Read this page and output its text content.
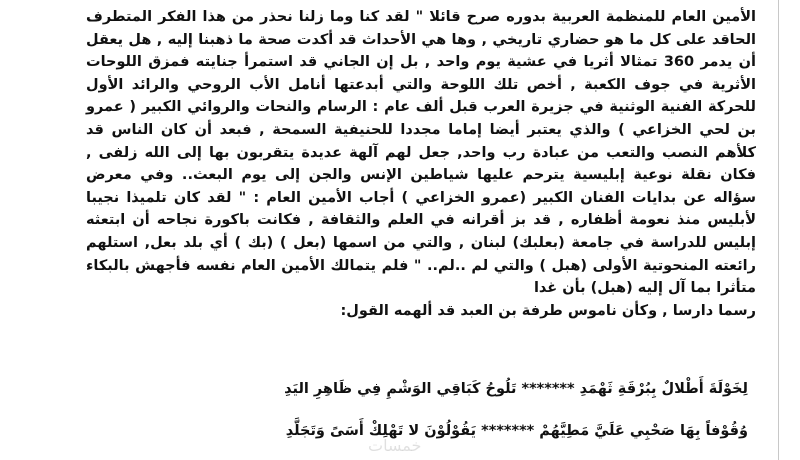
الأمين العام للمنظمة العربية بدوره صرح قائلا " لقد كنا وما زلنا نحذر من هذا الفكر المتطرف الحاقد على كل ما هو حضاري تاريخي , وها هي الأحداث قد أكدت صحة ما ذهبنا إليه , هل يعقل أن يدمر 360 تمثالا أثريا في عشية يوم واحد , بل إن الجاني قد استمرأ جنايته فمزق اللوحات الأثرية في جوف الكعبة , أخص تلك اللوحة والتي أبدعتها أنامل الأب الروحي والرائد الأول للحركة الفنية الوثنية في جزيرة العرب قبل ألف عام : الرسام والنحات والروائي الكبير ( عمرو بن لحي الخزاعي ) والذي يعتبر أيضا إماما مجددا للحنيفية السمحة , فبعد أن كان الناس قد كلأهم النصب والتعب من عبادة رب واحد, جعل لهم آلهة عديدة يتقربون بها إلى الله زلفى , فكان نقلة نوعية إبليسية يترحم عليها شياطين الإنس والجن إلى يوم البعث.. وفي معرض سؤاله عن بدايات الفنان الكبير (عمرو الخزاعي ) أجاب الأمين العام : " لقد كان تلميذا نجيبا لأبليس منذ نعومة أظفاره , قد بز أقرانه في العلم والثقافة , فكانت باكورة نجاحه أن ابتعثه إبليس للدراسة في جامعة (بعلبك) لبنان , والتي من اسمها (بعل ) (بك ) أي بلد بعل, استلهم رائعته المنحوتية الأولى (هبل ) والتي لم ..لم.. " فلم يتمالك الأمين العام نفسه فأجهش بالبكاء متأثرا بما آل إليه (هبل) بأن غدا

رسما دارسا , وكأن ناموس طرفة بن العبد قد ألهمه القول:

لِخَوْلَةَ أَطْلالٌ بِبُرْقَةِ ثَهْمَدِ ******* تَلُوحُ كَبَاقِي الوَشْمِ فِي ظَاهِرِ اليَدِ
وُقُوْفاً بِهَا صَحْبِي عَلَيَّ مَطِيَّهُمْ ******* يَقُوْلُوْنَ لا تَهْلِكْ أَسَىً وَتَجَلَّدِ
خمسات
